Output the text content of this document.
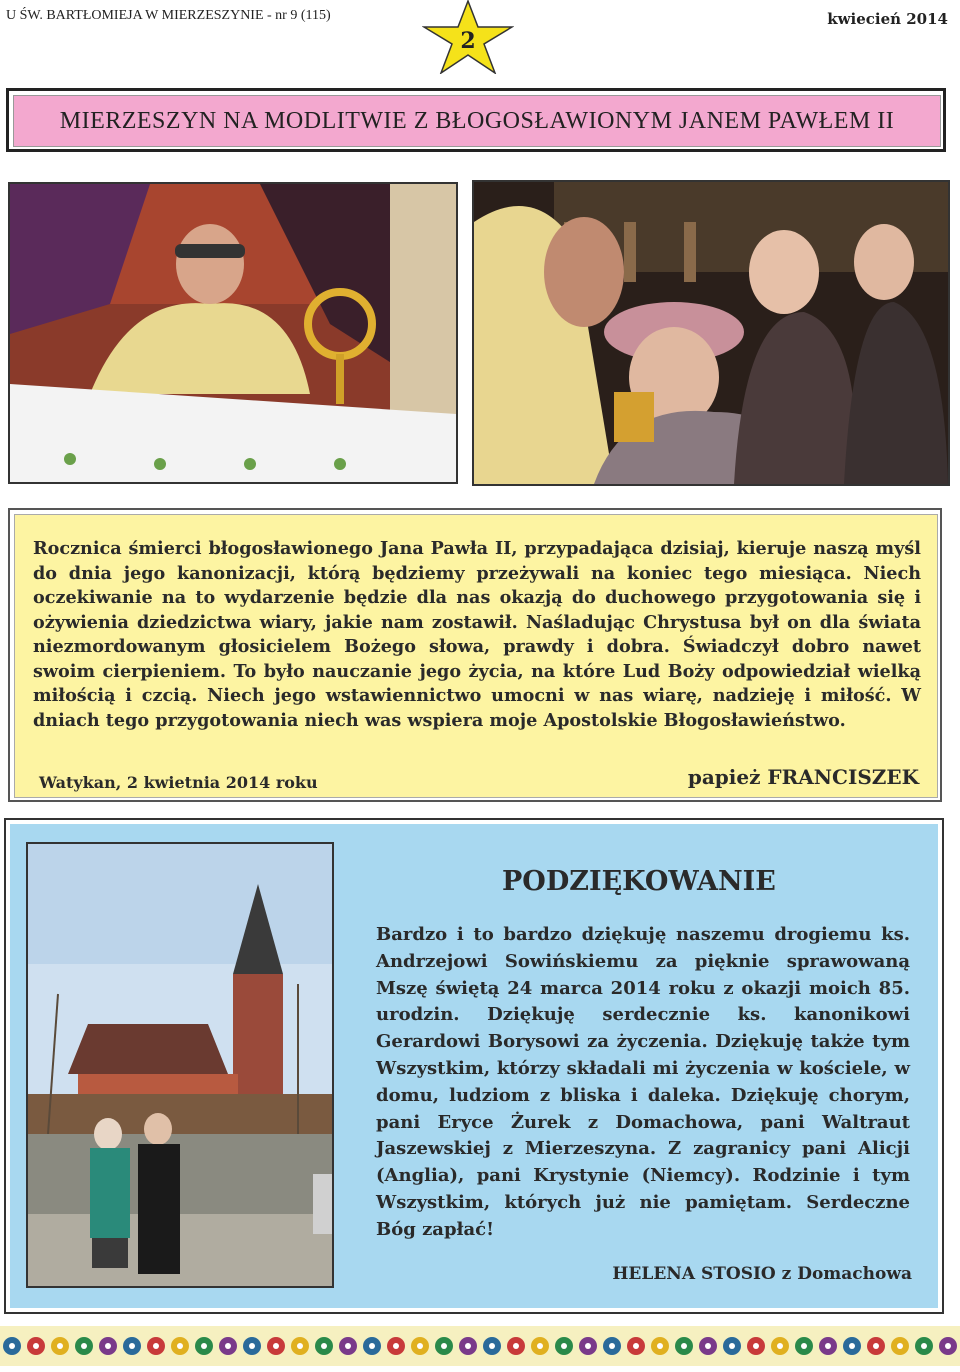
U ŚW. BARTŁOMIEJA W MIERZESZYNIE - nr 9 (115)	kwiecień 2014
2
MIERZESZYN NA MODLITWIE Z BŁOGOSŁAWIONYM JANEM PAWŁEM II
Rocznica śmierci błogosławionego Jana Pawła II, przypadająca dzisiaj, kieruje naszą myśl do dnia jego kanonizacji, którą będziemy przeżywali na koniec tego miesiąca. Niech oczekiwanie na to wydarzenie będzie dla nas okazją do duchowego przygotowania się i ożywienia dziedzictwa wiary, jakie nam zostawił. Naśladując Chrystusa był on dla świata niezmordowanym głosicielem Bożego słowa, prawdy i dobra. Świadczył dobro nawet swoim cierpieniem. To było nauczanie jego życia, na które Lud Boży odpowiedział wielką miłością i czcią. Niech jego wstawiennictwo umocni w nas wiarę, nadzieję i miłość. W dniach tego przygotowania niech was wspiera moje Apostolskie Błogosławieństwo.
Watykan, 2 kwietnia 2014 roku	papież FRANCISZEK
PODZIĘKOWANIE
Bardzo i to bardzo dziękuję naszemu drogiemu ks. Andrzejowi Sowińskiemu za pięknie sprawowaną Mszę świętą 24 marca 2014 roku z okazji moich 85. urodzin. Dziękuję serdecznie ks. kanonikowi Gerardowi Borysowi za życzenia. Dziękuję także tym Wszystkim, którzy składali mi życzenia w kościele, w domu, ludziom z bliska i daleka. Dziękuję chorym, pani Eryce Żurek z Domachowa, pani Waltraut Jaszewskiej z Mierzeszyna. Z zagranicy pani Alicji (Anglia), pani Krystynie (Niemcy). Rodzinie i tym Wszystkim, których już nie pamiętam. Serdeczne Bóg zapłać!
HELENA STOSIO z Domachowa
